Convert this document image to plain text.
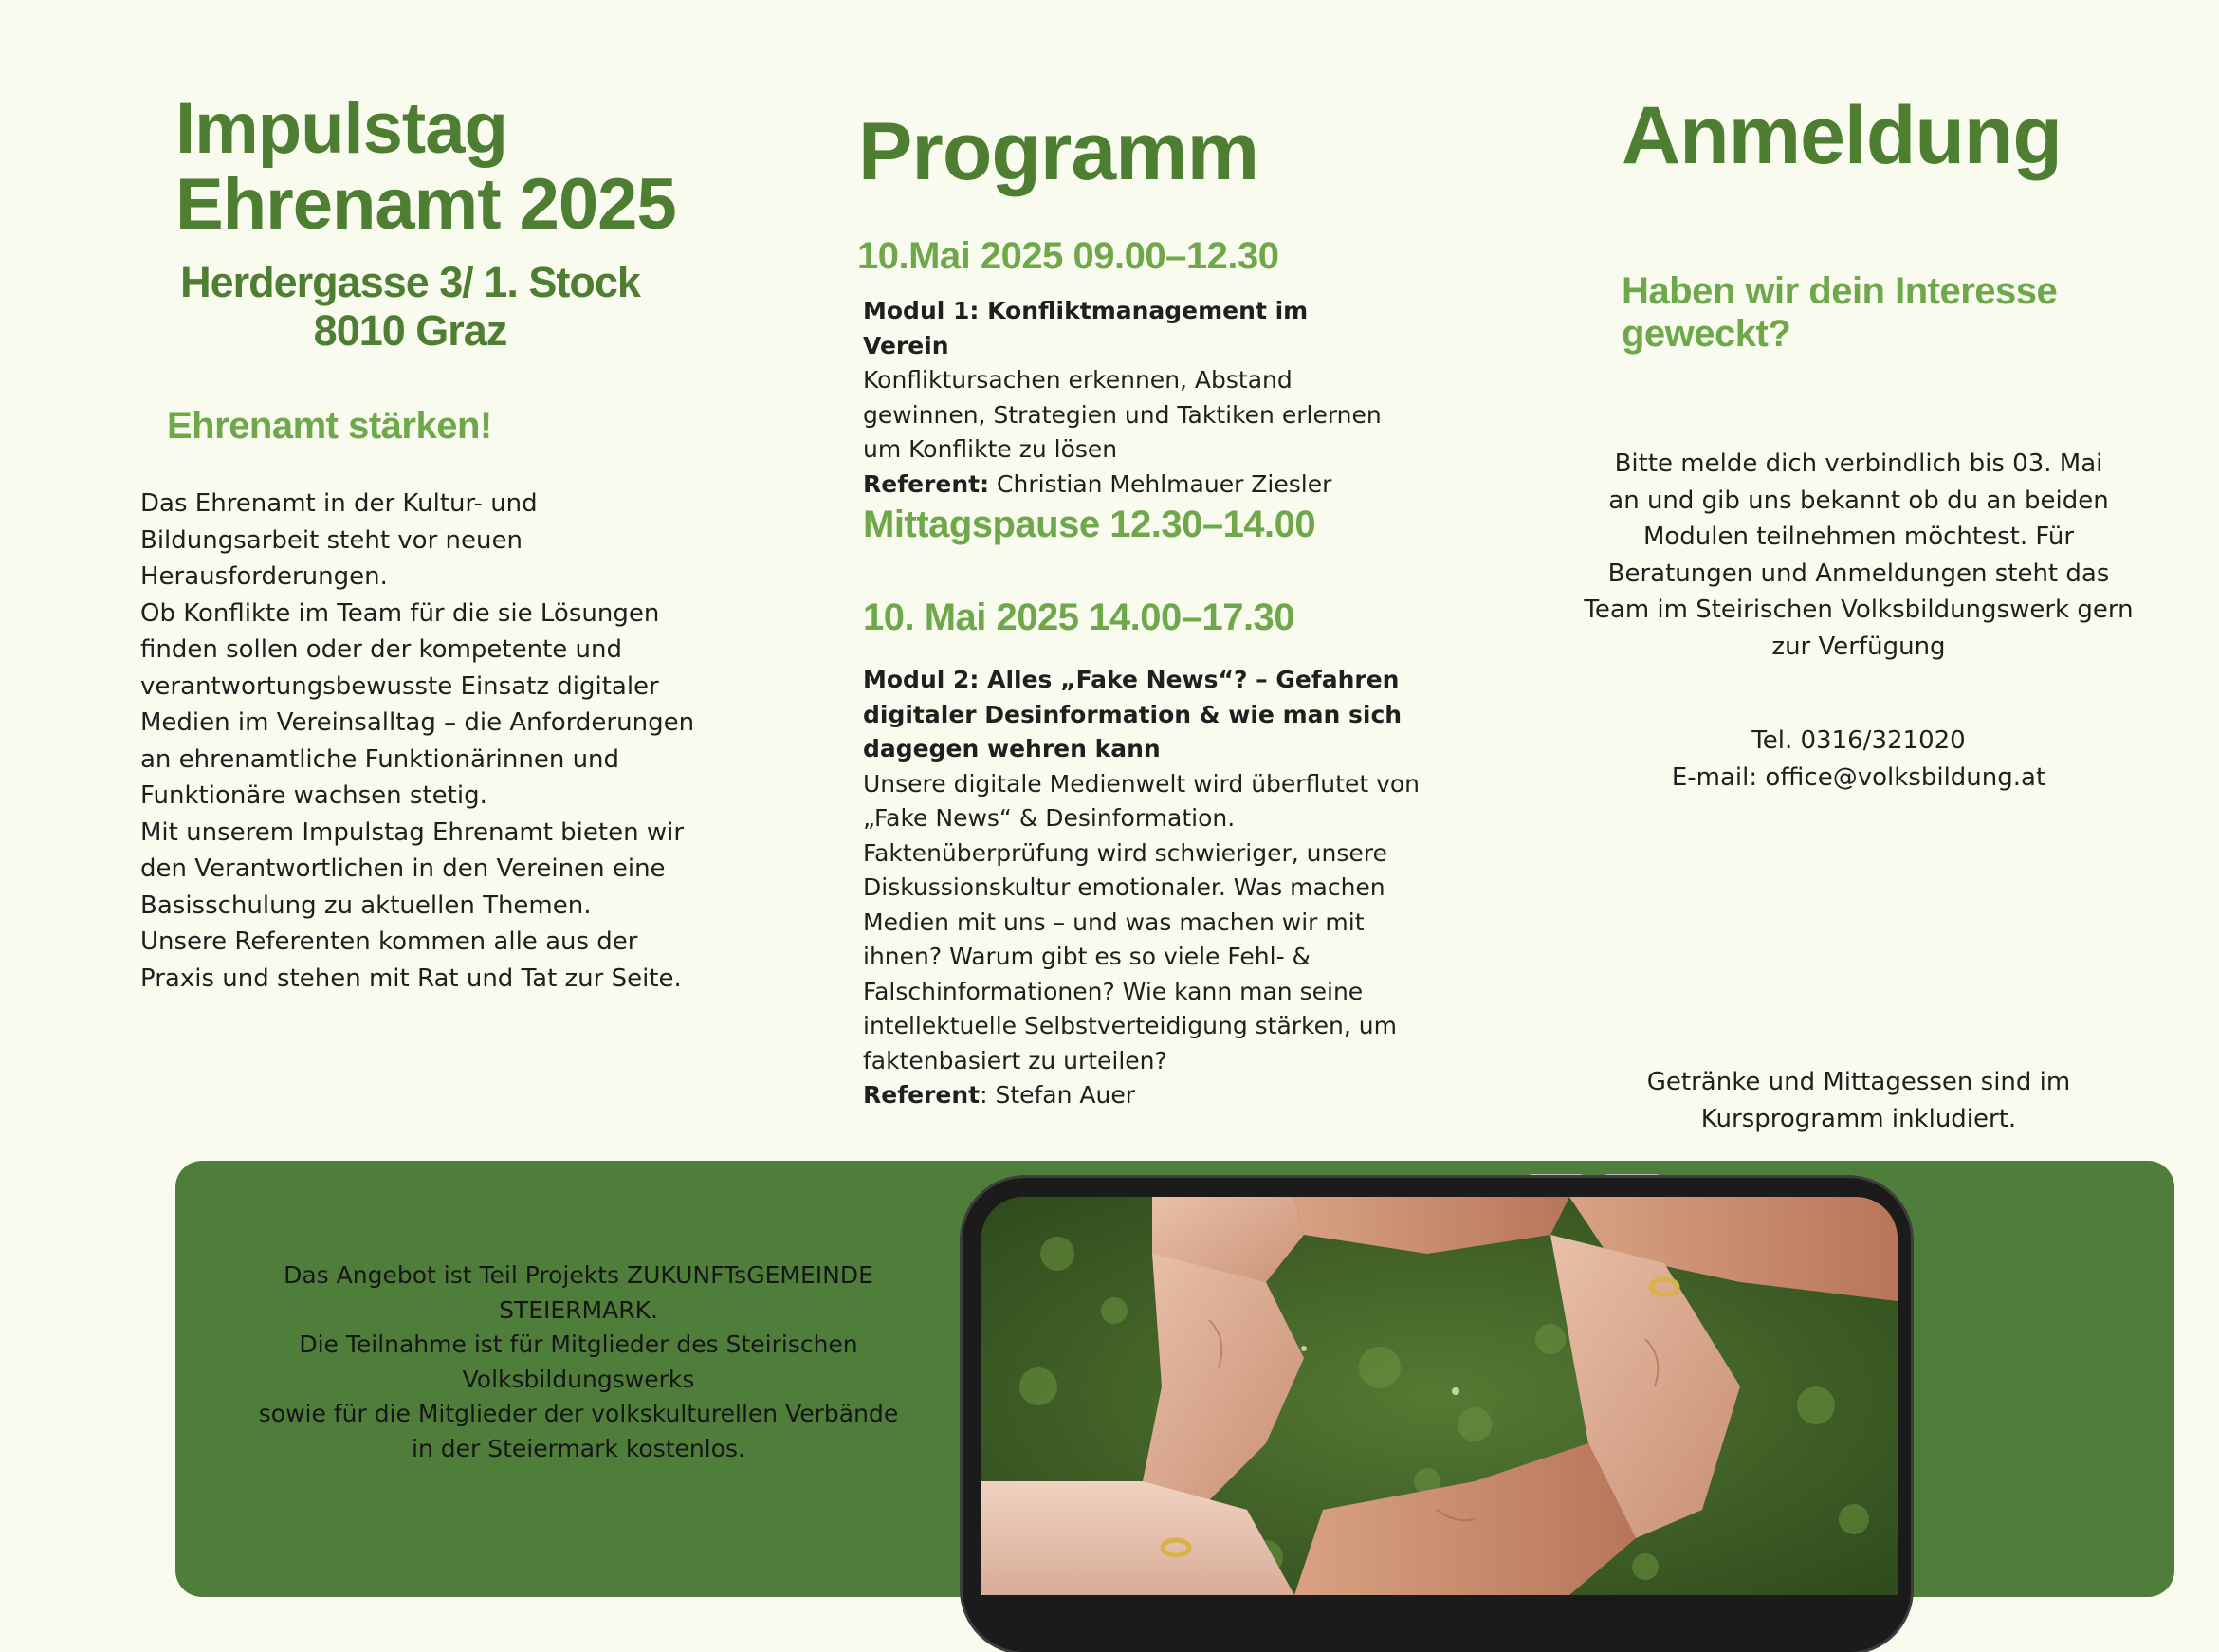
Impulstag
Ehrenamt 2025
Herdergasse 3/ 1. Stock
8010 Graz
Ehrenamt stärken!
Das Ehrenamt in der Kultur- und
Bildungsarbeit steht vor neuen
Herausforderungen.
Ob Konflikte im Team für die sie Lösungen
finden sollen oder der kompetente und
verantwortungsbewusste Einsatz digitaler
Medien im Vereinsalltag – die Anforderungen
an ehrenamtliche Funktionärinnen und
Funktionäre wachsen stetig.
Mit unserem Impulstag Ehrenamt bieten wir
den Verantwortlichen in den Vereinen eine
Basisschulung zu aktuellen Themen.
Unsere Referenten kommen alle aus der
Praxis und stehen mit Rat und Tat zur Seite.
Programm
10.Mai 2025 09.00–12.30
Modul 1: Konfliktmanagement im Verein
Konfliktursachen erkennen, Abstand
gewinnen, Strategien und Taktiken erlernen
um Konflikte zu lösen
Referent: Christian Mehlmauer Ziesler
Mittagspause 12.30–14.00
10. Mai 2025 14.00–17.30
Modul 2: Alles „Fake News“? – Gefahren
digitaler Desinformation & wie man sich
dagegen wehren kann
Unsere digitale Medienwelt wird überflutet von
„Fake News“ & Desinformation.
Faktenüberprüfung wird schwieriger, unsere
Diskussionskultur emotionaler. Was machen
Medien mit uns – und was machen wir mit
ihnen? Warum gibt es so viele Fehl- &
Falschinformationen? Wie kann man seine
intellektuelle Selbstverteidigung stärken, um
faktenbasiert zu urteilen?
Referent: Stefan Auer
Anmeldung
Haben wir dein Interesse
geweckt?
Bitte melde dich verbindlich bis 03. Mai
an und gib uns bekannt ob du an beiden
Modulen teilnehmen möchtest. Für
Beratungen und Anmeldungen steht das
Team im Steirischen Volksbildungswerk gern
zur Verfügung
Tel. 0316/321020
E-mail: office@volksbildung.at
Getränke und Mittagessen sind im
Kursprogramm inkludiert.
Das Angebot ist Teil Projekts ZUKUNFTsGEMEINDE
STEIERMARK.
Die Teilnahme ist für Mitglieder des Steirischen
Volksbildungswerks
sowie für die Mitglieder der volkskulturellen Verbände
in der Steiermark kostenlos.
